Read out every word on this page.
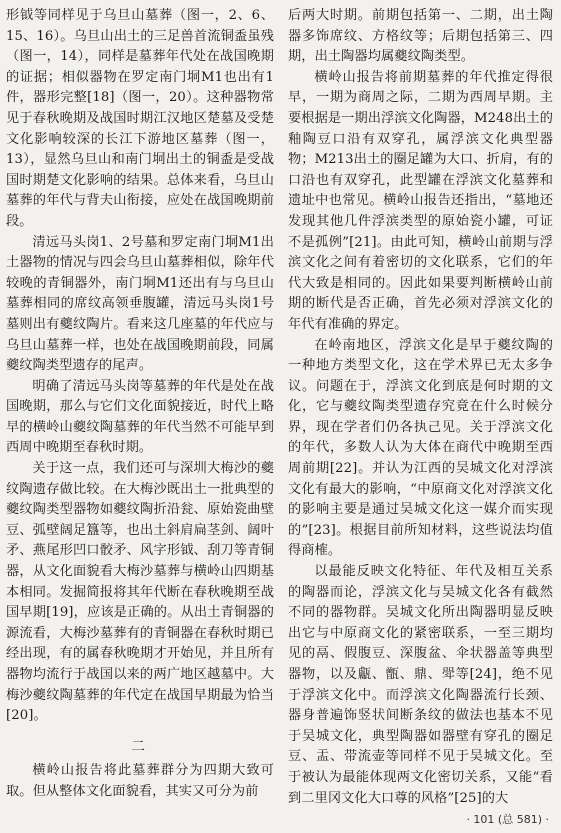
形钺等同样见于乌旦山墓葬（图一，2、6、15、16）。乌旦山出土的三足兽首流铜盉虽残（图一，14），同样是墓葬年代处在战国晚期的证据；相似器物在罗定南门垌M1也出有1件，器形完整[18]（图一，20）。这种器物常见于春秋晚期及战国时期江汉地区楚墓及受楚文化影响较深的长江下游地区墓葬（图一，13），显然乌旦山和南门垌出土的铜盉是受战国时期楚文化影响的结果。总体来看，乌旦山墓葬的年代与背夫山衔接，应处在战国晚期前段。

清远马头岗1、2号墓和罗定南门垌M1出土器物的情况与四会乌旦山墓葬相似，除年代较晚的青铜器外，南门垌M1还出有与乌旦山墓葬相同的席纹高领垂腹罐，清远马头岗1号墓则出有夔纹陶片。看来这几座墓的年代应与乌旦山墓葬一样，也处在战国晚期前段，同属夔纹陶类型遗存的尾声。

明确了清远马头岗等墓葬的年代是处在战国晚期，那么与它们文化面貌接近，时代上略早的横岭山夔纹陶墓葬的年代当然不可能早到西周中晚期至春秋时期。

关于这一点，我们还可与深圳大梅沙的夔纹陶遗存做比较。在大梅沙既出土一批典型的夔纹陶类型器物如夔纹陶折沿瓮、原始瓷曲壁豆、弧壁阔足簋等，也出土斜肩扁茎剑、阔叶矛、燕尾形凹口骹矛、风字形钺、刮刀等青铜器，从文化面貌看大梅沙墓葬与横岭山四期基本相同。发掘简报将其年代断在春秋晚期至战国早期[19]，应该是正确的。从出土青铜器的源流看，大梅沙墓葬有的青铜器在春秋时期已经出现，有的属春秋晚期才开始见，并且所有器物均流行于战国以来的两广地区越墓中。大梅沙夔纹陶墓葬的年代定在战国早期最为恰当[20]。

二

横岭山报告将此墓葬群分为四期大致可取。但从整体文化面貌看，其实又可分为前

后两大时期。前期包括第一、二期，出土陶器多饰席纹、方格纹等；后期包括第三、四期，出土陶器均属夔纹陶类型。

横岭山报告将前期墓葬的年代推定得很早，一期为商周之际，二期为西周早期。主要根据是一期出浮滨文化陶器，M248出土的釉陶豆口沿有双穿孔，属浮滨文化典型器物；M213出土的圈足罐为大口、折肩，有的口沿也有双穿孔，此型罐在浮滨文化墓葬和遗址中也常见。横岭山报告还指出，“墓地还发现其他几件浮滨类型的原始瓷小罐，可证不是孤例”[21]。由此可知，横岭山前期与浮滨文化之间有着密切的文化联系，它们的年代大致是相同的。因此如果要判断横岭山前期的断代是否正确，首先必须对浮滨文化的年代有准确的界定。

在岭南地区，浮滨文化是早于夔纹陶的一种地方类型文化，这在学术界已无太多争议。问题在于，浮滨文化到底是何时期的文化，它与夔纹陶类型遗存究竟在什么时候分界，现在学者们仍各执己见。关于浮滨文化的年代，多数人认为大体在商代中晚期至西周前期[22]。并认为江西的吴城文化对浮滨文化有最大的影响，“中原商文化对浮滨文化的影响主要是通过吴城文化这一媒介而实现的”[23]。根据目前所知材料，这些说法均值得商榷。

以最能反映文化特征、年代及相互关系的陶器而论，浮滨文化与吴城文化各有截然不同的器物群。吴城文化所出陶器明显反映出它与中原商文化的紧密联系，一至三期均见的鬲、假腹豆、深腹盆、伞状器盖等典型器物，以及甗、甑、鼎、斝等[24]，绝不见于浮滨文化中。而浮滨文化陶器流行长颈、器身普遍饰竖状间断条纹的做法也基本不见于吴城文化，典型陶器如器壁有穿孔的圈足豆、盂、带流壶等同样不见于吴城文化。至于被认为最能体现两文化密切关系，又能“看到二里冈文化大口尊的风格”[25]的大

· 101 (总 581) ·
